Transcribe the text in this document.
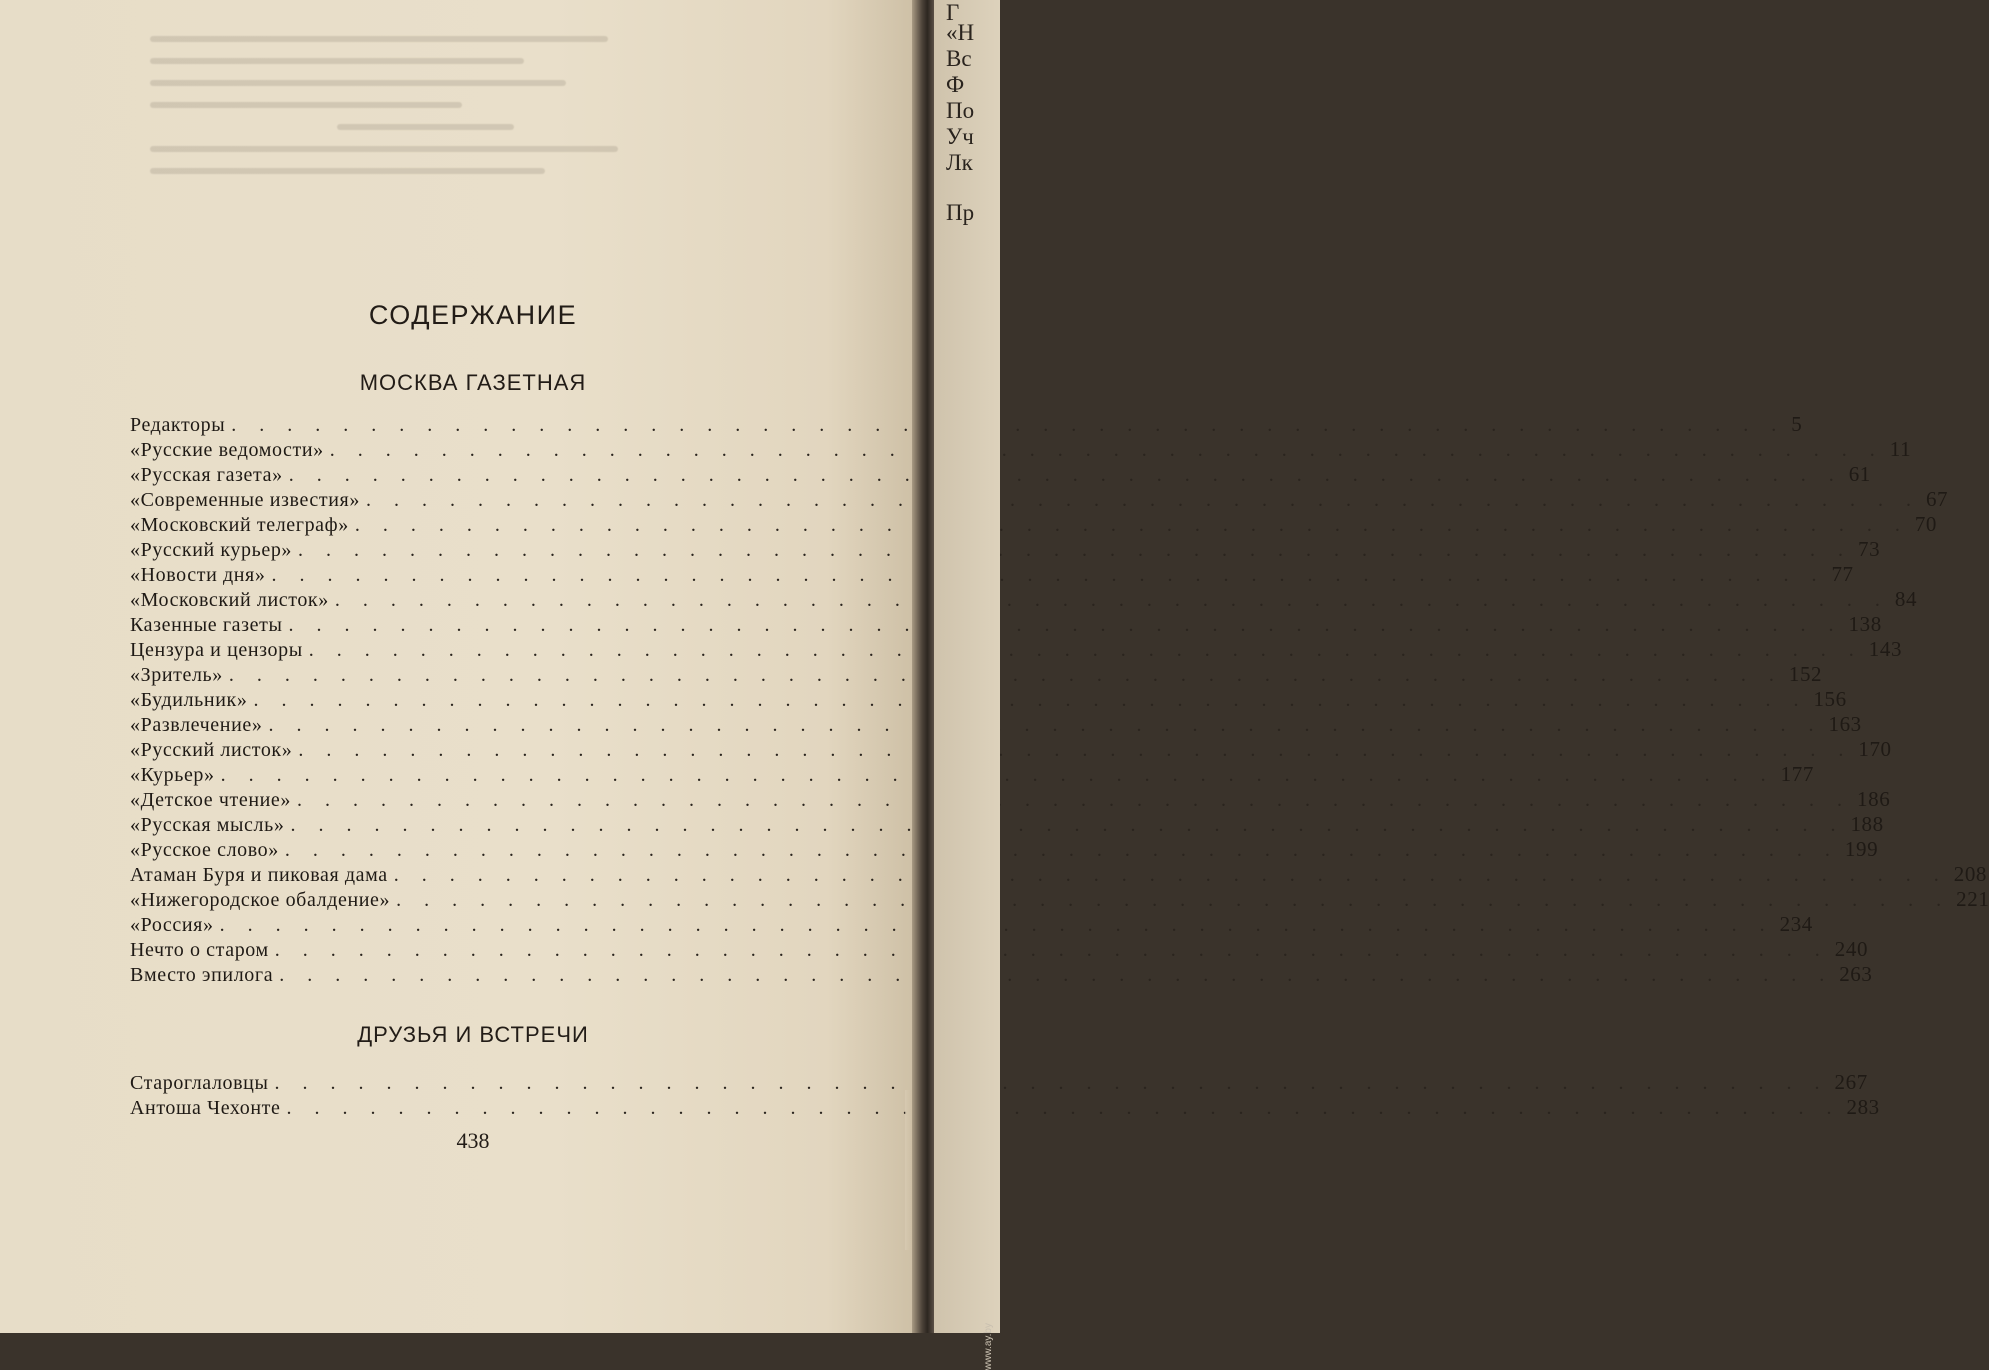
СОДЕРЖАНИЕ
МОСКВА ГАЗЕТНАЯ
Редакторы . . .	5
«Русские ведомости» . . .	11
«Русская газета» . . .	61
«Современные известия» . . .	67
«Московский телеграф» . . .	70
«Русский курьер» . . .	73
«Новости дня» . . .	77
«Московский листок» . . .	84
Казенные газеты . . .	138
Цензура и цензоры . . .	143
«Зритель» . . .	152
«Будильник» . . .	156
«Развлечение» . . .	163
«Русский листок» . . .	170
«Курьер» . . .	177
«Детское чтение» . . .	186
«Русская мысль» . . .	188
«Русское слово» . . .	199
Атаман Буря и пиковая дама . . .	208
«Нижегородское обалдение» . . .	221
«Россия» . . .	234
Нечто о старом . . .	240
Вместо эпилога . . .	263
ДРУЗЬЯ И ВСТРЕЧИ
Староглаловцы . . .	267
Антоша Чехонте . . .	283
438
Г
«Н
Вс
Ф
По
Уч
Лк
Пр
www.ay.by
